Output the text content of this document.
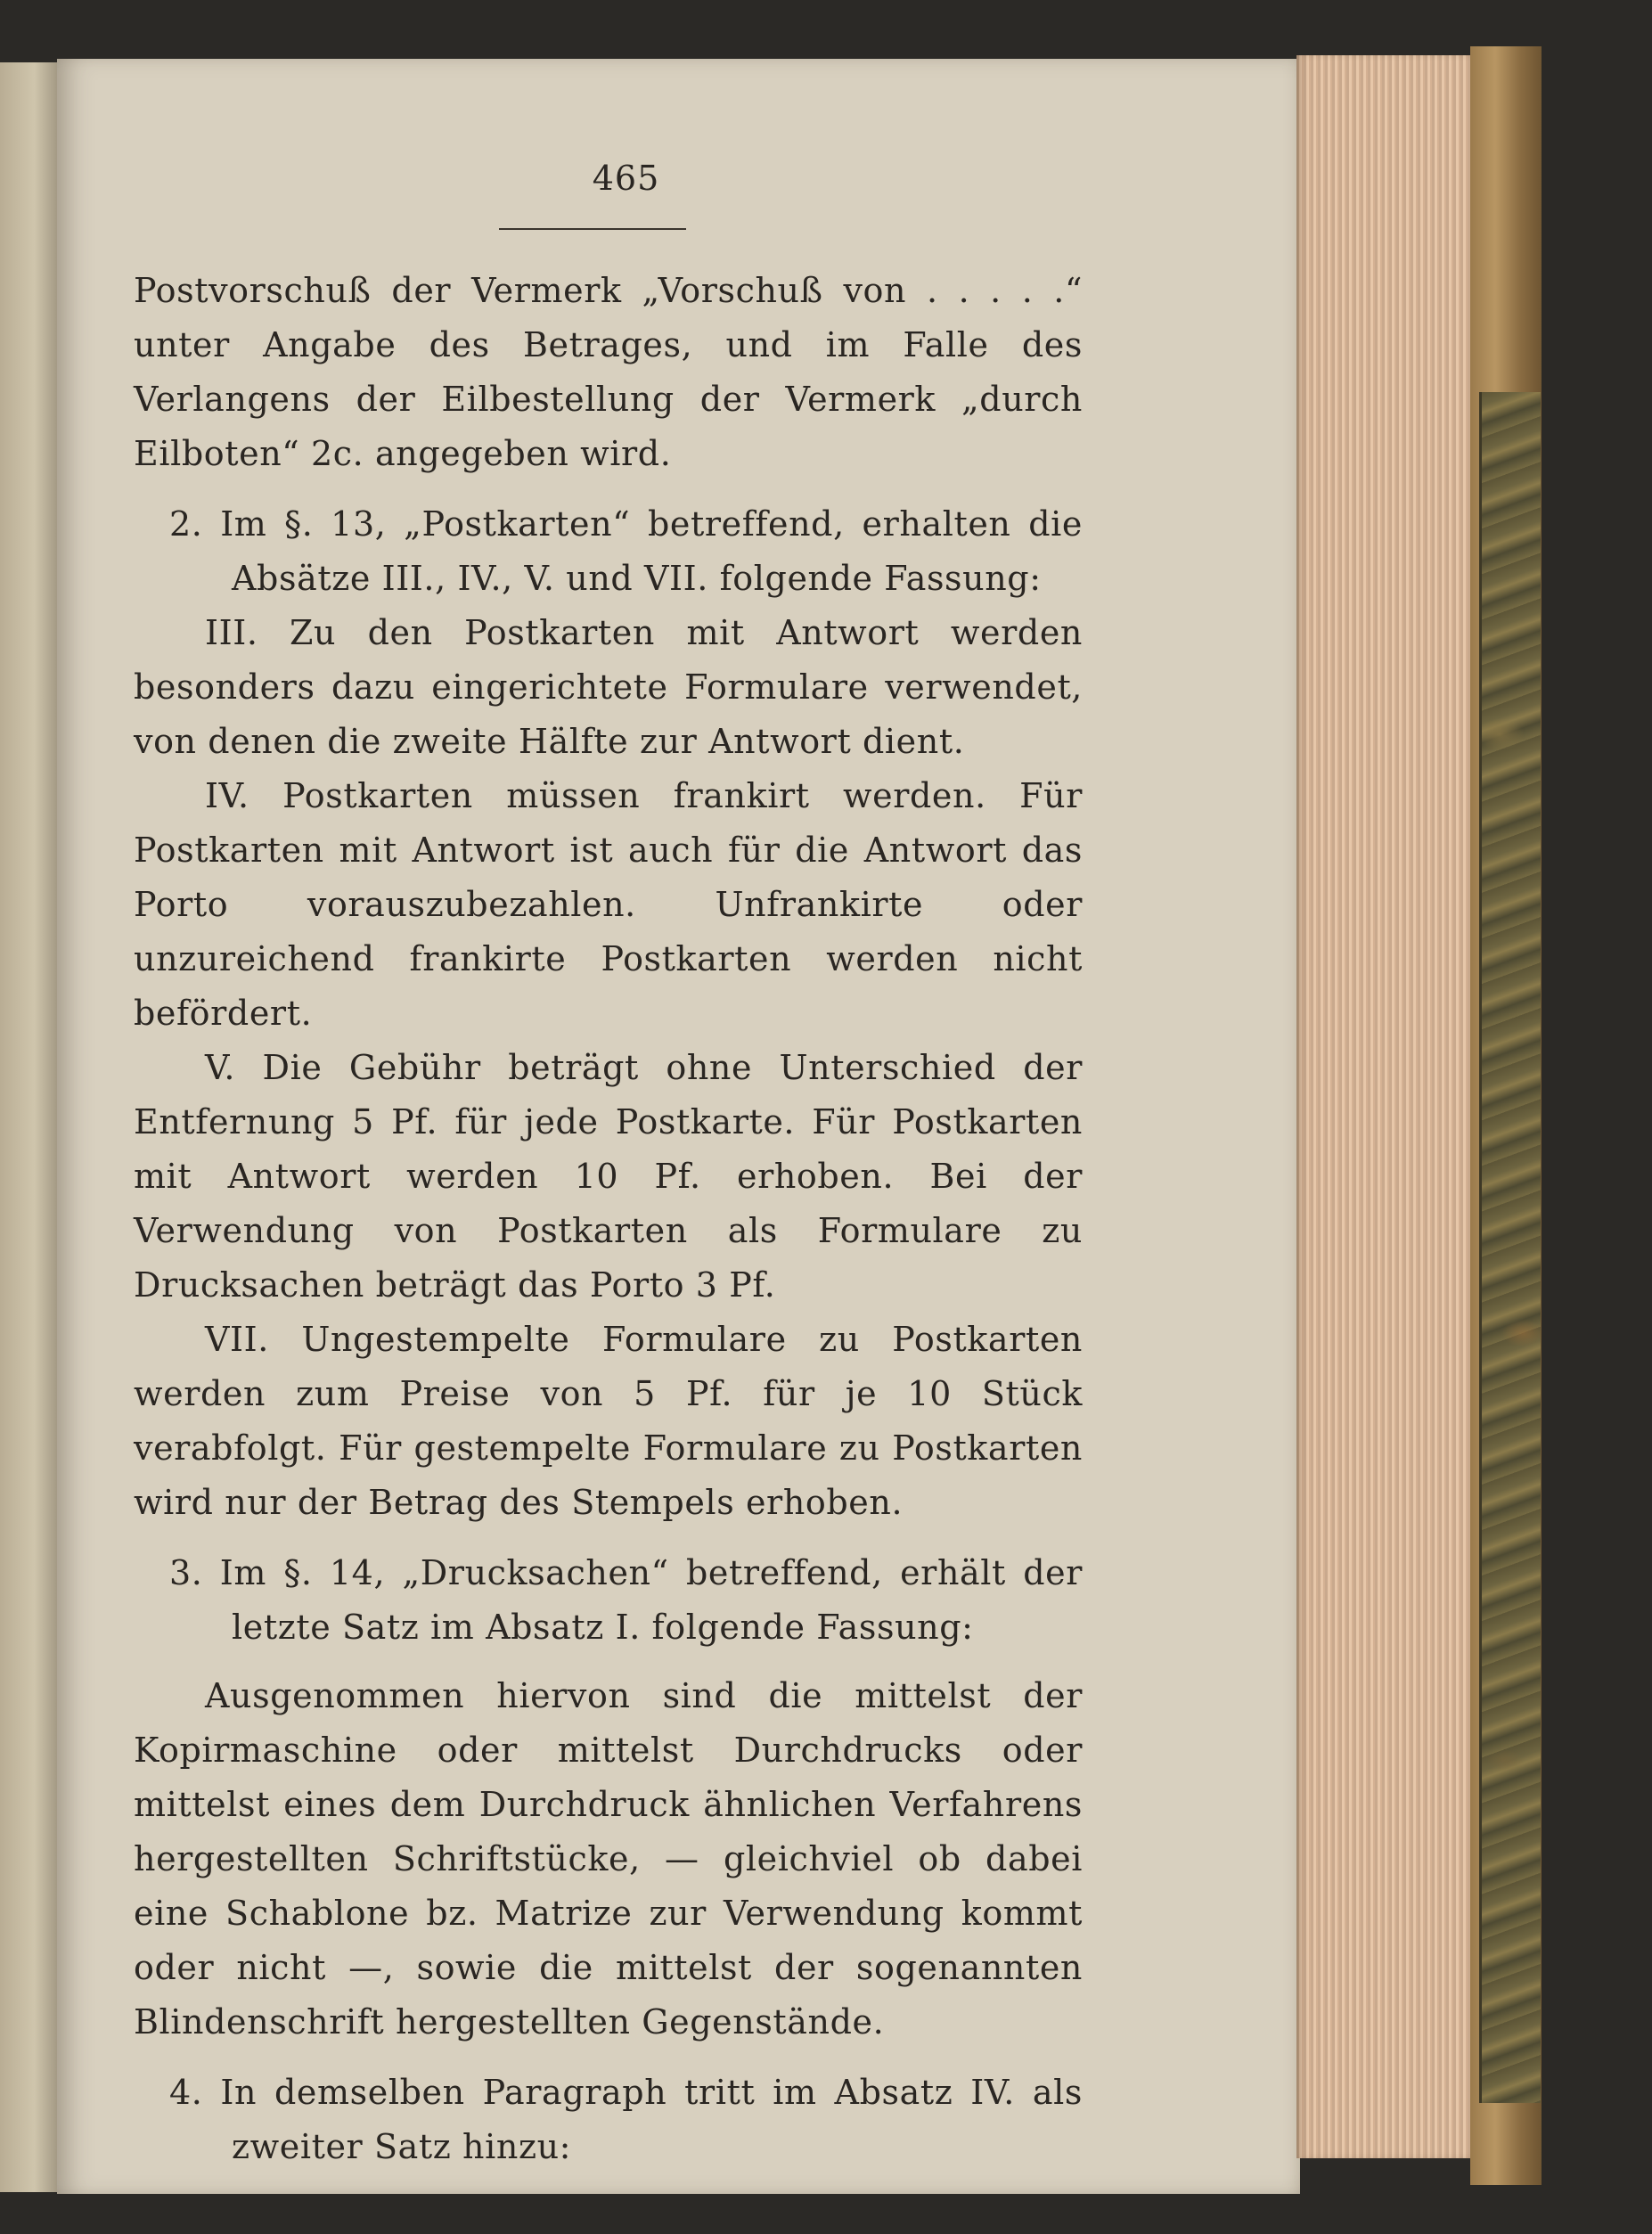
465

Postvorschuß der Vermerk „Vorschuß von . . . . .“ unter Angabe des Betrages, und im Falle des Verlangens der Eilbestellung der Vermerk „durch Eilboten“ 2c. angegeben wird.

2. Im §. 13, „Postkarten“ betreffend, erhalten die Absätze III., IV., V. und VII. folgende Fassung:

III. Zu den Postkarten mit Antwort werden besonders dazu eingerichtete Formulare verwendet, von denen die zweite Hälfte zur Antwort dient.

IV. Postkarten müssen frankirt werden. Für Postkarten mit Antwort ist auch für die Antwort das Porto vorauszubezahlen. Unfrankirte oder unzureichend frankirte Postkarten werden nicht befördert.

V. Die Gebühr beträgt ohne Unterschied der Entfernung 5 Pf. für jede Postkarte. Für Postkarten mit Antwort werden 10 Pf. erhoben. Bei der Verwendung von Postkarten als Formulare zu Drucksachen beträgt das Porto 3 Pf.

VII. Ungestempelte Formulare zu Postkarten werden zum Preise von 5 Pf. für je 10 Stück verabfolgt. Für gestempelte Formulare zu Postkarten wird nur der Betrag des Stempels erhoben.

3. Im §. 14, „Drucksachen“ betreffend, erhält der letzte Satz im Absatz I. folgende Fassung:

Ausgenommen hiervon sind die mittelst der Kopirmaschine oder mittelst Durchdrucks oder mittelst eines dem Durchdruck ähnlichen Verfahrens hergestellten Schriftstücke, — gleichviel ob dabei eine Schablone bz. Matrize zur Verwendung kommt oder nicht —, sowie die mittelst der sogenannten Blindenschrift hergestellten Gegenstände.

4. In demselben Paragraph tritt im Absatz IV. als zweiter Satz hinzu:
